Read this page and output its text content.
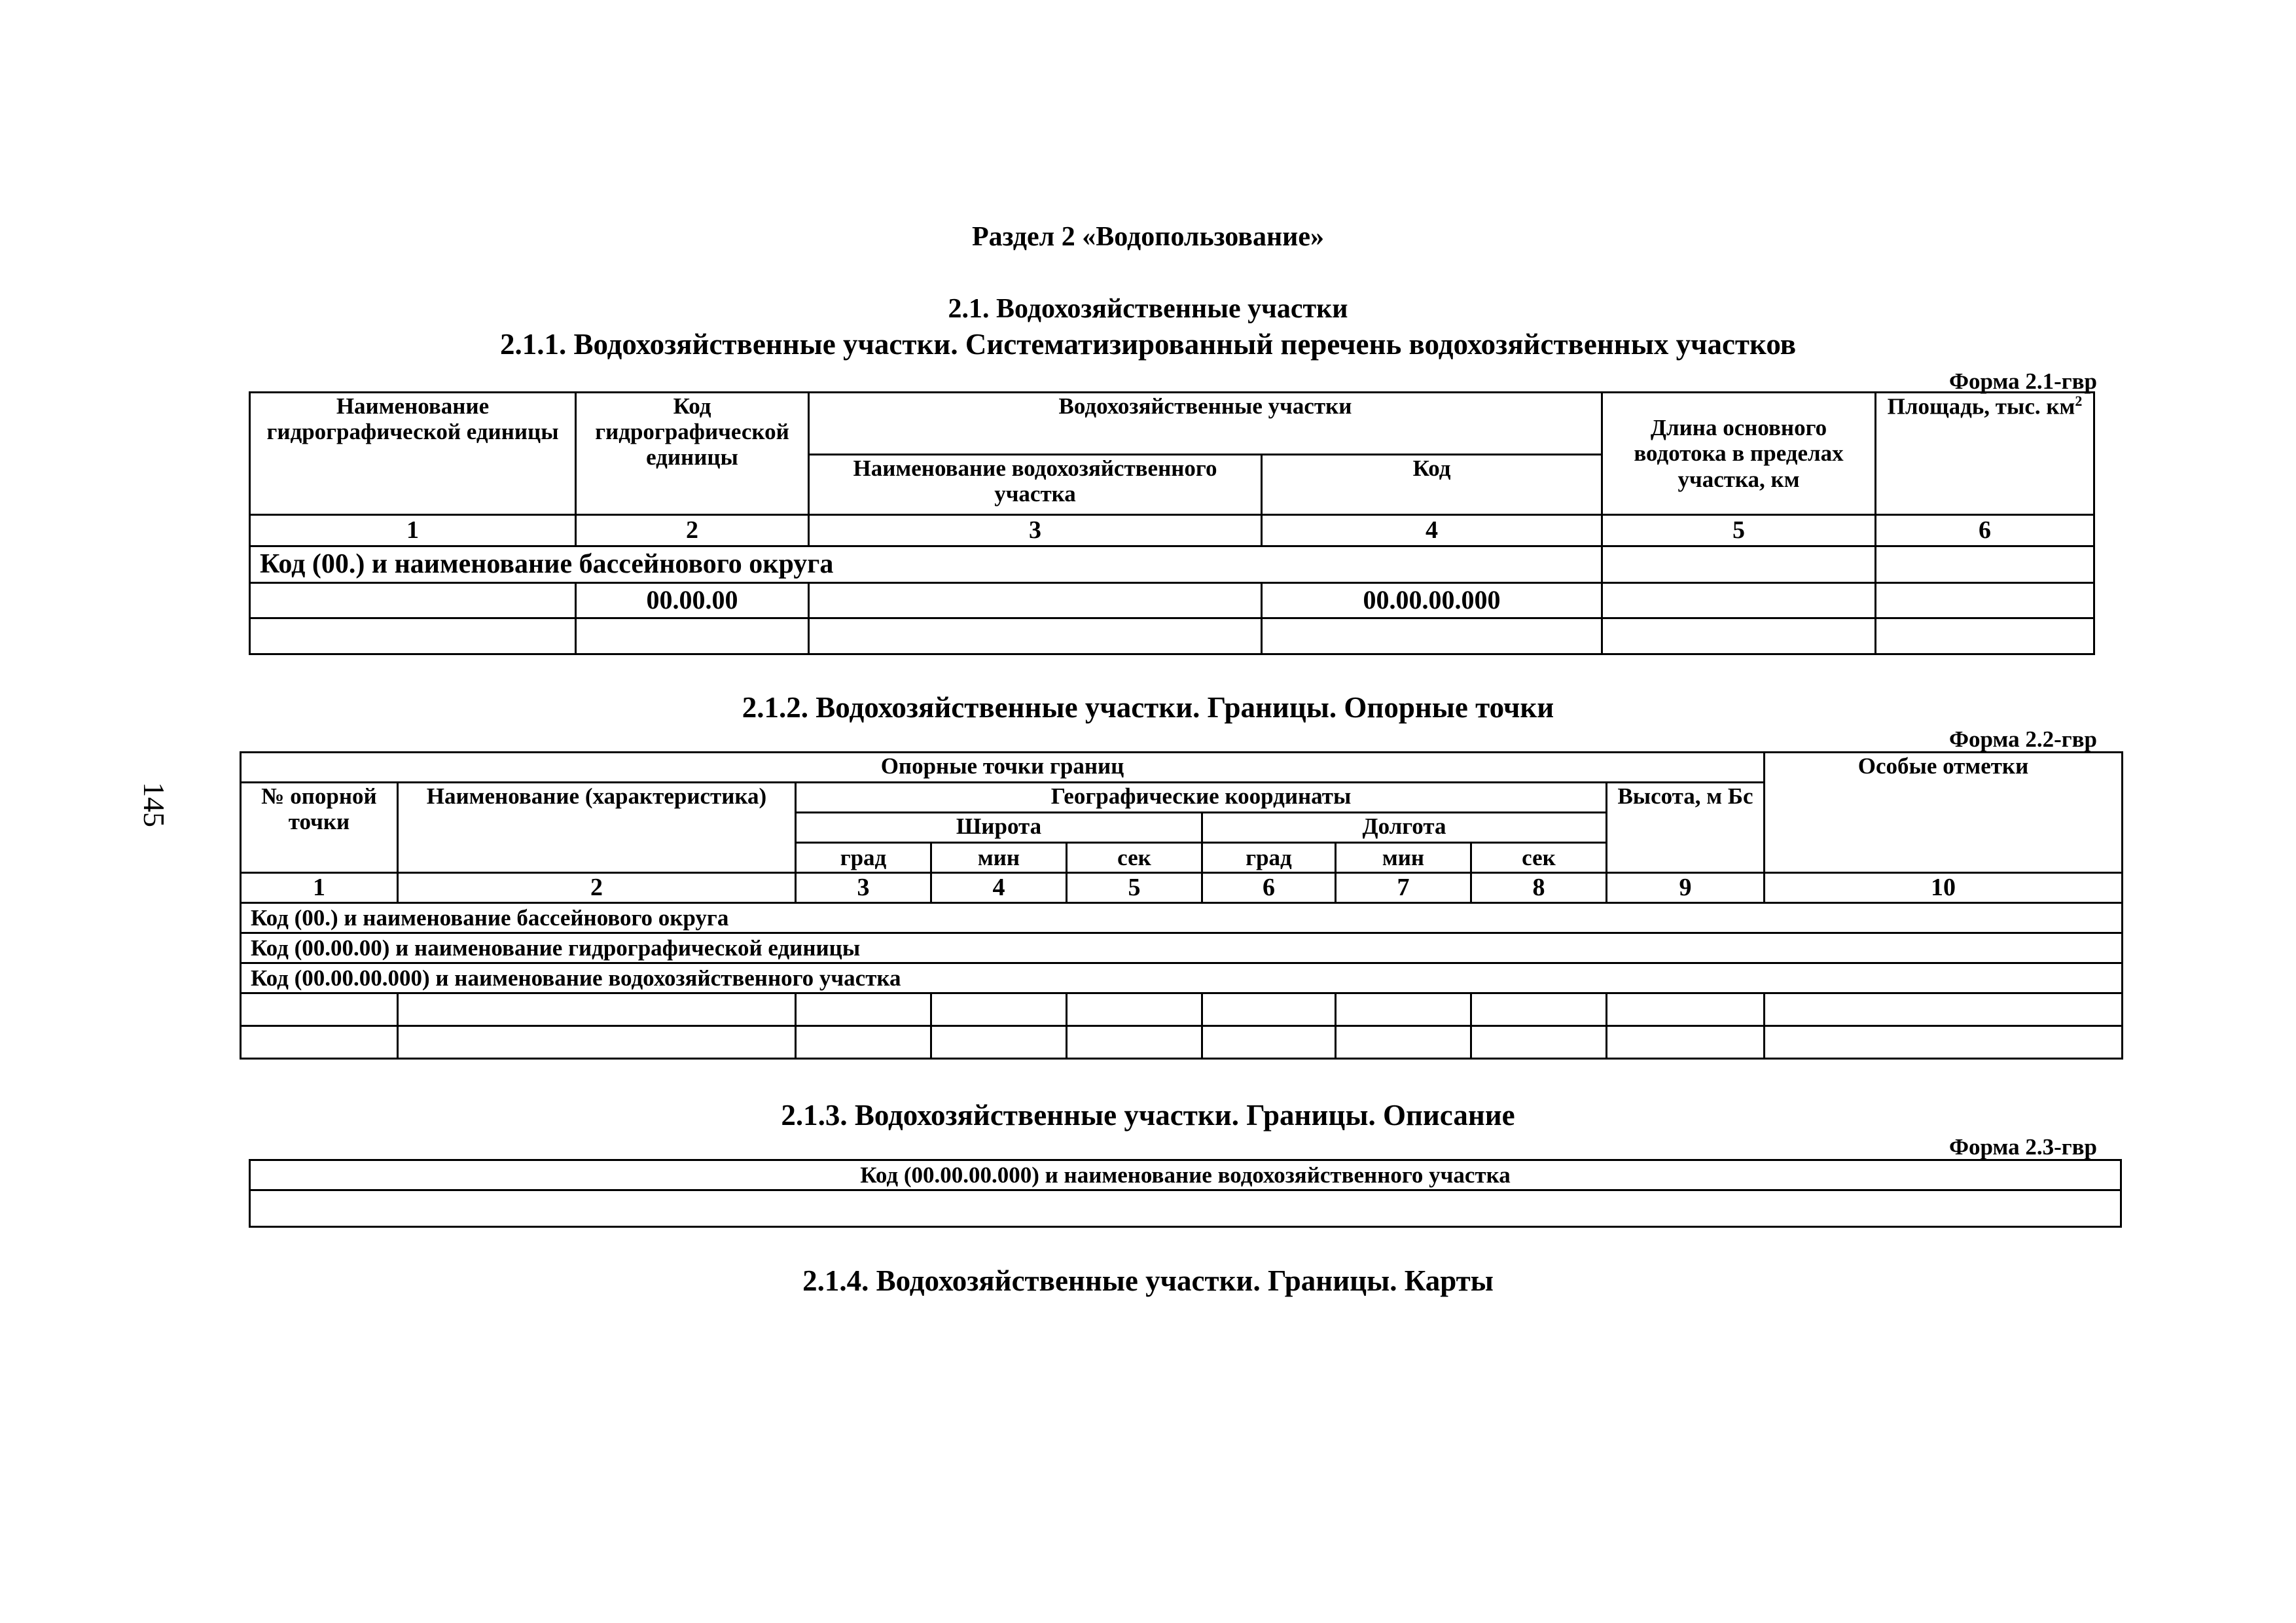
Раздел 2 «Водопользование»
2.1. Водохозяйственные участки
2.1.1. Водохозяйственные участки. Систематизированный перечень водохозяйственных участков
Форма 2.1-гвр
145
Наименование гидрографической единицы	Код гидрографической единицы	Водохозяйственные участки		Длина основного водотока в пределах участка, км	Площадь, тыс. $км^2$
		Наименование водохозяйственного участка	Код		
1	2	3	4	5	6
Код (00.) и наименование бассейнового округа					
	00.00.00		00.00.00.000		

2.1.2. Водохозяйственные участки. Границы. Опорные точки
Форма 2.2-гвр
Опорные точки границ									Особые отметки
№ опорной точки	Наименование (характеристика)	Географические координаты						Высота, м Бс	
		Широта			Долгота				
		град	мин	сек	град	мин	сек		
1	2	3	4	5	6	7	8	9	10
Код (00.) и наименование бассейнового округа									
Код (00.00.00) и наименование гидрографической единицы									
Код (00.00.00.000) и наименование водохозяйственного участка									

2.1.3. Водохозяйственные участки. Границы. Описание
Форма 2.3-гвр
Код (00.00.00.000) и наименование водохозяйственного участка

2.1.4. Водохозяйственные участки. Границы. Карты
